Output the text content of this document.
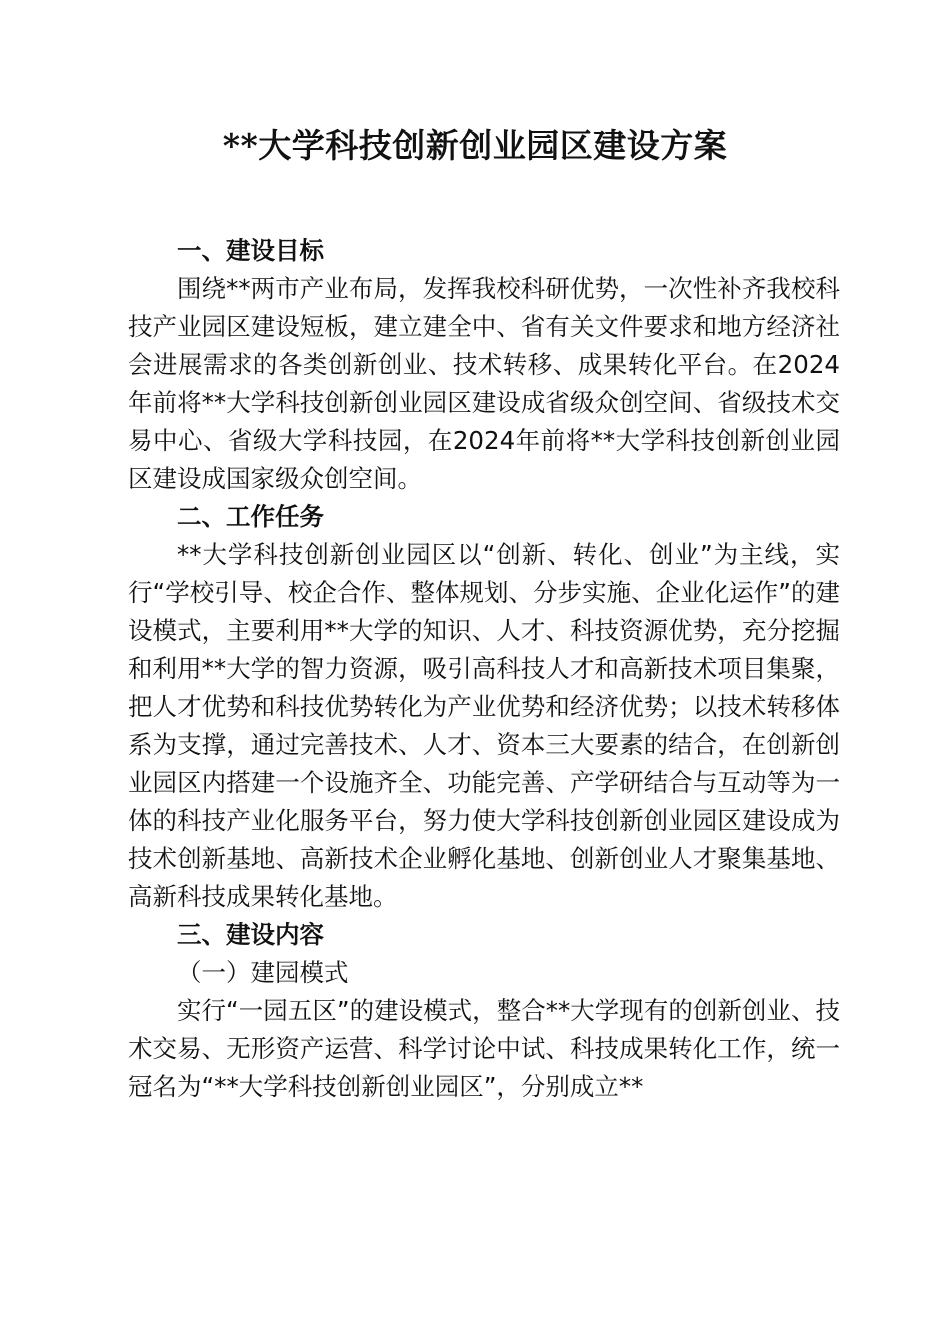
**大学科技创新创业园区建设方案

一、建设目标

围绕**两市产业布局，发挥我校科研优势，一次性补齐我校科技产业园区建设短板，建立建全中、省有关文件要求和地方经济社会进展需求的各类创新创业、技术转移、成果转化平台。在2024年前将**大学科技创新创业园区建设成省级众创空间、省级技术交易中心、省级大学科技园，在2024年前将**大学科技创新创业园区建设成国家级众创空间。

二、工作任务

**大学科技创新创业园区以“创新、转化、创业”为主线，实行“学校引导、校企合作、整体规划、分步实施、企业化运作”的建设模式，主要利用**大学的知识、人才、科技资源优势，充分挖掘和利用**大学的智力资源，吸引高科技人才和高新技术项目集聚，把人才优势和科技优势转化为产业优势和经济优势；以技术转移体系为支撑，通过完善技术、人才、资本三大要素的结合，在创新创业园区内搭建一个设施齐全、功能完善、产学研结合与互动等为一体的科技产业化服务平台，努力使大学科技创新创业园区建设成为技术创新基地、高新技术企业孵化基地、创新创业人才聚集基地、高新科技成果转化基地。

三、建设内容

（一）建园模式

实行“一园五区”的建设模式，整合**大学现有的创新创业、技术交易、无形资产运营、科学讨论中试、科技成果转化工作，统一冠名为“**大学科技创新创业园区”，分别成立**
